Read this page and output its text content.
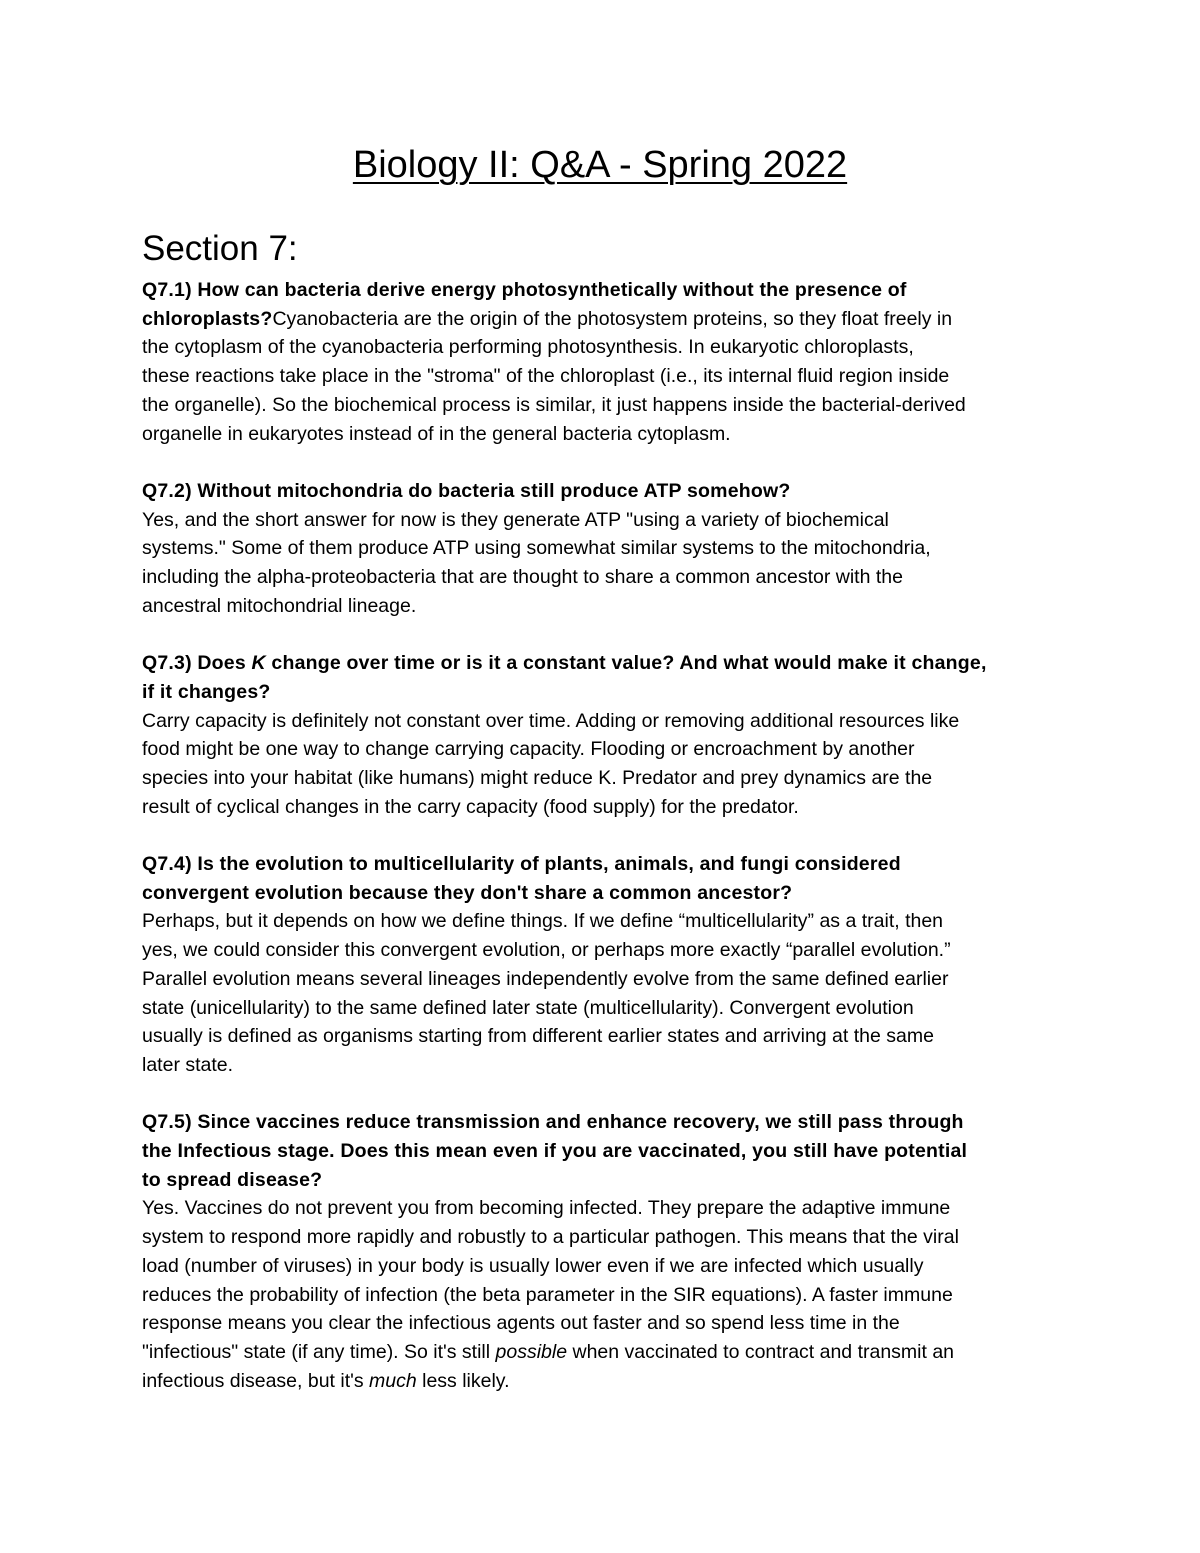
Biology II: Q&A - Spring 2022
Section 7:
Q7.1) How can bacteria derive energy photosynthetically without the presence of
chloroplasts?Cyanobacteria are the origin of the photosystem proteins, so they float freely in
the cytoplasm of the cyanobacteria performing photosynthesis. In eukaryotic chloroplasts,
these reactions take place in the "stroma" of the chloroplast (i.e., its internal fluid region inside
the organelle). So the biochemical process is similar, it just happens inside the bacterial-derived
organelle in eukaryotes instead of in the general bacteria cytoplasm.
Q7.2) Without mitochondria do bacteria still produce ATP somehow?
Yes, and the short answer for now is they generate ATP "using a variety of biochemical
systems." Some of them produce ATP using somewhat similar systems to the mitochondria,
including the alpha-proteobacteria that are thought to share a common ancestor with the
ancestral mitochondrial lineage.
Q7.3) Does K change over time or is it a constant value? And what would make it change,
if it changes?
Carry capacity is definitely not constant over time. Adding or removing additional resources like
food might be one way to change carrying capacity. Flooding or encroachment by another
species into your habitat (like humans) might reduce K. Predator and prey dynamics are the
result of cyclical changes in the carry capacity (food supply) for the predator.
Q7.4) Is the evolution to multicellularity of plants, animals, and fungi considered
convergent evolution because they don't share a common ancestor?
Perhaps, but it depends on how we define things. If we define “multicellularity” as a trait, then
yes, we could consider this convergent evolution, or perhaps more exactly “parallel evolution.”
Parallel evolution means several lineages independently evolve from the same defined earlier
state (unicellularity) to the same defined later state (multicellularity). Convergent evolution
usually is defined as organisms starting from different earlier states and arriving at the same
later state.
Q7.5) Since vaccines reduce transmission and enhance recovery, we still pass through
the Infectious stage. Does this mean even if you are vaccinated, you still have potential
to spread disease?
Yes. Vaccines do not prevent you from becoming infected. They prepare the adaptive immune
system to respond more rapidly and robustly to a particular pathogen. This means that the viral
load (number of viruses) in your body is usually lower even if we are infected which usually
reduces the probability of infection (the beta parameter in the SIR equations). A faster immune
response means you clear the infectious agents out faster and so spend less time in the
"infectious" state (if any time). So it's still possible when vaccinated to contract and transmit an
infectious disease, but it's much less likely.
